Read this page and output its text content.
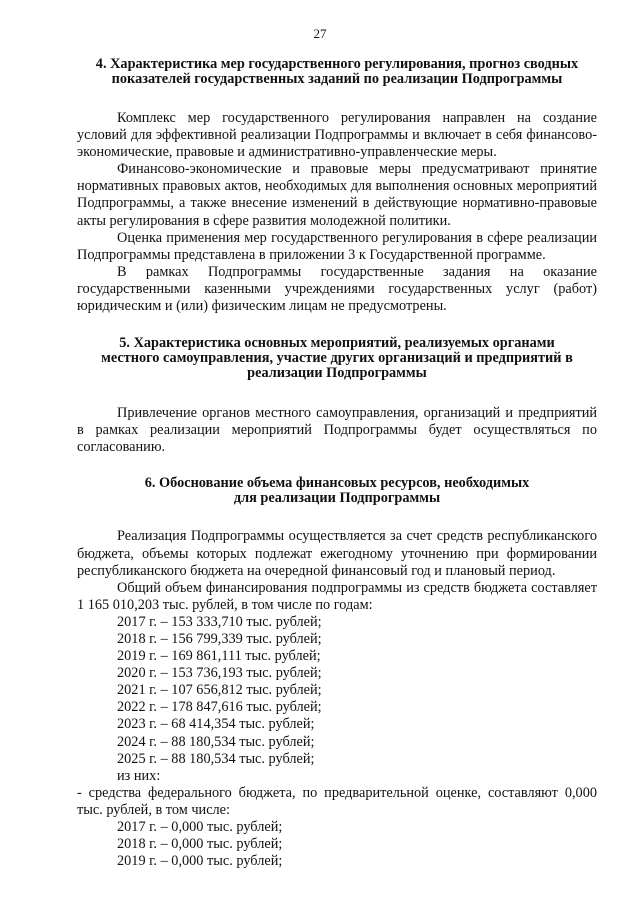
27
4. Характеристика мер государственного регулирования, прогноз сводных
показателей государственных заданий по реализации Подпрограммы

Комплекс мер государственного регулирования направлен на создание условий для эффективной реализации Подпрограммы и включает в себя финансово-экономические, правовые и административно-управленческие меры.

Финансово-экономические и правовые меры предусматривают принятие нормативных правовых актов, необходимых для выполнения основных мероприятий Подпрограммы, а также внесение изменений в действующие нормативно-правовые акты регулирования в сфере развития молодежной политики.

Оценка применения мер государственного регулирования в сфере реализации Подпрограммы представлена в приложении 3 к Государственной программе.

В рамках Подпрограммы государственные задания на оказание государственными казенными учреждениями государственных услуг (работ) юридическим и (или) физическим лицам не предусмотрены.

5. Характеристика основных мероприятий, реализуемых органами
местного самоуправления, участие других организаций и предприятий в
реализации Подпрограммы

Привлечение органов местного самоуправления, организаций и предприятий в рамках реализации мероприятий Подпрограммы будет осуществляться по согласованию.

6. Обоснование объема финансовых ресурсов, необходимых
для реализации Подпрограммы

Реализация Подпрограммы осуществляется за счет средств республиканского бюджета, объемы которых подлежат ежегодному уточнению при формировании республиканского бюджета на очередной финансовый год и плановый период.

Общий объем финансирования подпрограммы из средств бюджета составляет 1 165 010,203 тыс. рублей, в том числе по годам:

2017 г. – 153 333,710 тыс. рублей;
2018 г. – 156 799,339 тыс. рублей;
2019 г. – 169 861,111 тыс. рублей;
2020 г. – 153 736,193 тыс. рублей;
2021 г. – 107 656,812 тыс. рублей;
2022 г. – 178 847,616 тыс. рублей;
2023 г. – 68 414,354 тыс. рублей;
2024 г. – 88 180,534 тыс. рублей;
2025 г. – 88 180,534 тыс. рублей;
из них:

- средства федерального бюджета, по предварительной оценке, составляют 0,000 тыс. рублей, в том числе:

2017 г. – 0,000 тыс. рублей;
2018 г. – 0,000 тыс. рублей;
2019 г. – 0,000 тыс. рублей;
